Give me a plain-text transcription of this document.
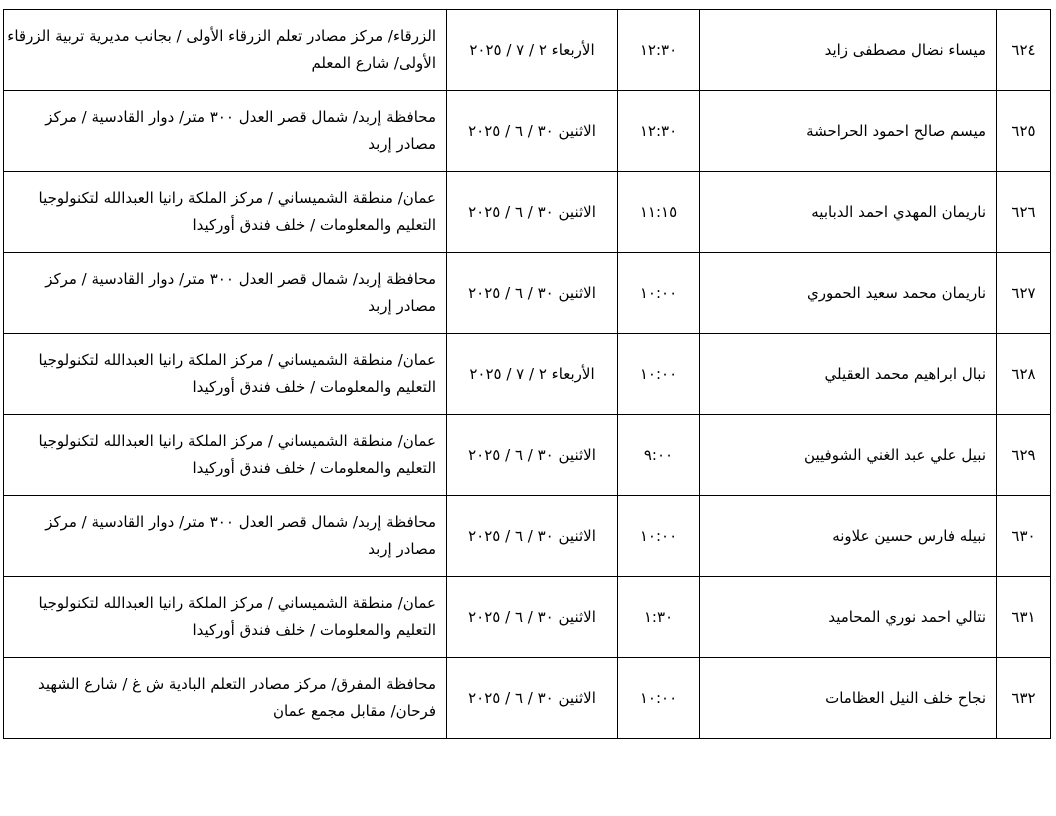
٦٢٤	ميساء نضال مصطفى زايد	١٢:٣٠	الأربعاء ٢ / ٧ / ٢٠٢٥	الزرقاء/ مركز مصادر تعلم الزرقاء الأولى / بجانب مديرية تربية الزرقاء
الأولى/ شارع المعلم

٦٢٥	ميسم صالح احمود الحراحشة	١٢:٣٠	الاثنين ٣٠ / ٦ / ٢٠٢٥	محافظة إربد/ شمال قصر العدل ٣٠٠ متر/ دوار القادسية / مركز
مصادر إربد

٦٢٦	ناريمان المهدي احمد الدبابيه	١١:١٥	الاثنين ٣٠ / ٦ / ٢٠٢٥	عمان/ منطقة الشميساني / مركز الملكة رانيا العبدالله لتكنولوجيا
التعليم والمعلومات / خلف فندق أوركيدا

٦٢٧	ناريمان محمد سعيد الحموري	١٠:٠٠	الاثنين ٣٠ / ٦ / ٢٠٢٥	محافظة إربد/ شمال قصر العدل ٣٠٠ متر/ دوار القادسية / مركز
مصادر إربد

٦٢٨	نبال ابراهيم محمد العقيلي	١٠:٠٠	الأربعاء ٢ / ٧ / ٢٠٢٥	عمان/ منطقة الشميساني / مركز الملكة رانيا العبدالله لتكنولوجيا
التعليم والمعلومات / خلف فندق أوركيدا

٦٢٩	نبيل علي عبد الغني الشوفيين	٩:٠٠	الاثنين ٣٠ / ٦ / ٢٠٢٥	عمان/ منطقة الشميساني / مركز الملكة رانيا العبدالله لتكنولوجيا
التعليم والمعلومات / خلف فندق أوركيدا

٦٣٠	نبيله فارس حسين علاونه	١٠:٠٠	الاثنين ٣٠ / ٦ / ٢٠٢٥	محافظة إربد/ شمال قصر العدل ٣٠٠ متر/ دوار القادسية / مركز
مصادر إربد

٦٣١	نتالي احمد نوري المحاميد	١:٣٠	الاثنين ٣٠ / ٦ / ٢٠٢٥	عمان/ منطقة الشميساني / مركز الملكة رانيا العبدالله لتكنولوجيا
التعليم والمعلومات / خلف فندق أوركيدا

٦٣٢	نجاح خلف النيل العظامات	١٠:٠٠	الاثنين ٣٠ / ٦ / ٢٠٢٥	محافظة المفرق/ مركز مصادر التعلم البادية ش غ / شارع الشهيد
فرحان/ مقابل مجمع عمان
